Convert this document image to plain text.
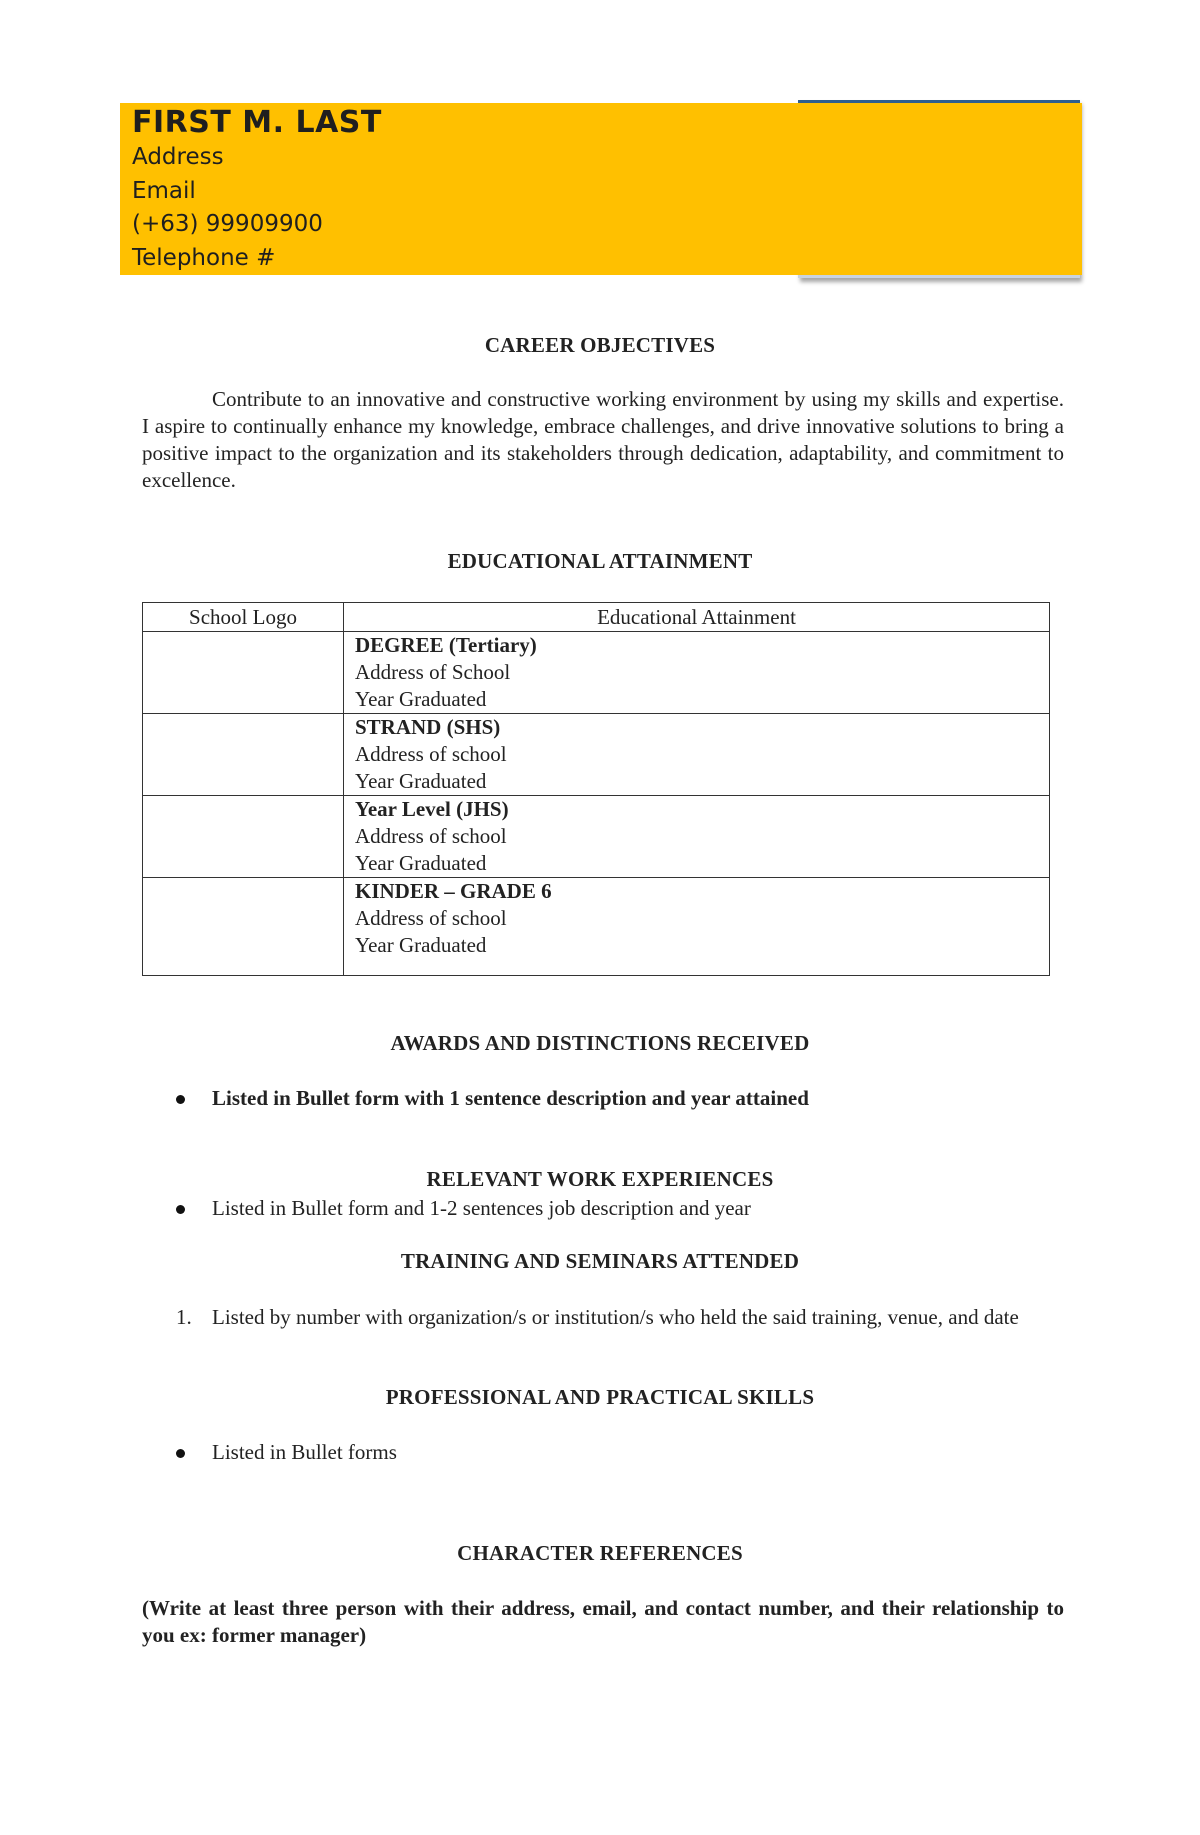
FIRST M. LAST
Address
Email
(+63) 99909900
Telephone #
CAREER OBJECTIVES
Contribute to an innovative and constructive working environment by using my skills and expertise. I aspire to continually enhance my knowledge, embrace challenges, and drive innovative solutions to bring a positive impact to the organization and its stakeholders through dedication, adaptability, and commitment to excellence.
EDUCATIONAL ATTAINMENT
School Logo	Educational Attainment

	DEGREE (Tertiary)
Address of School
Year Graduated

	STRAND (SHS)
Address of school
Year Graduated

	Year Level (JHS)
Address of school
Year Graduated

	KINDER – GRADE 6
Address of school
Year Graduated
AWARDS AND DISTINCTIONS RECEIVED
Listed in Bullet form with 1 sentence description and year attained
RELEVANT WORK EXPERIENCES
Listed in Bullet form and 1-2 sentences job description and year
TRAINING AND SEMINARS ATTENDED
1. Listed by number with organization/s or institution/s who held the said training, venue, and date
PROFESSIONAL AND PRACTICAL SKILLS
Listed in Bullet forms
CHARACTER REFERENCES
(Write at least three person with their address, email, and contact number, and their relationship to you ex: former manager)
